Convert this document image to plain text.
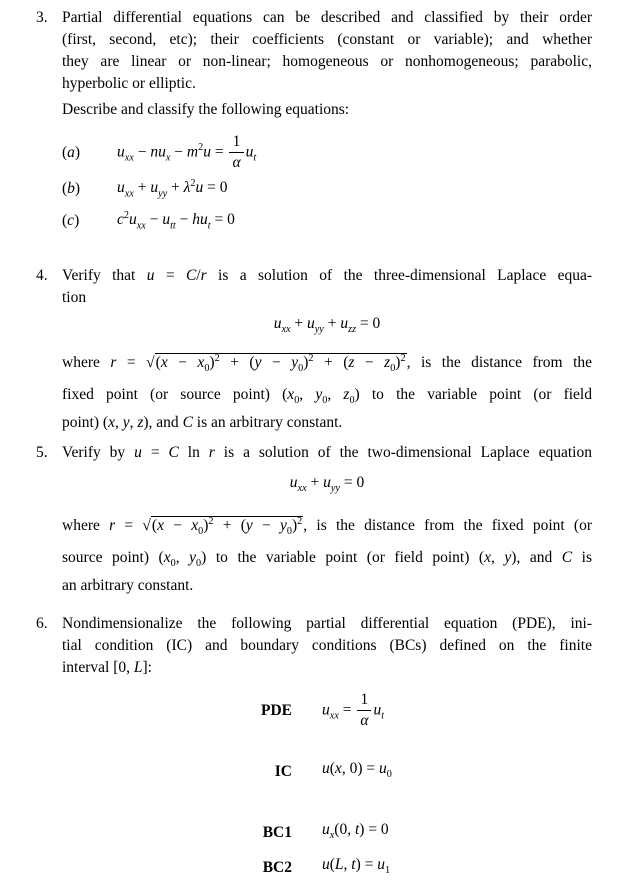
3. Partial differential equations can be described and classified by their order
(first, second, etc); their coefficients (constant or variable); and whether
they are linear or non-linear; homogeneous or nonhomogeneous; parabolic,
hyperbolic or elliptic.
Describe and classify the following equations:
(a)	$u_{xx} - nu_x - m^2u = \frac{1}{\alpha} u_t$
(b)	$u_{xx} + u_{yy} + \lambda^2u = 0$
(c)	$c^2u_{xx} - u_{tt} - hu_t = 0$
4. Verify that u = C/r is a solution of the three-dimensional Laplace equa-
tion
$u_{xx} + u_{yy} + u_{zz} = 0$
where $r = √(x - x_0)^2 + (y - y_0)^2 + (z - z_0)^2$, is the distance from the
fixed point (or source point) ($x_0$, $y_0$, $z_0$) to the variable point (or field
point) (x, y, z), and C is an arbitrary constant.
5. Verify by u = C ln r is a solution of the two-dimensional Laplace equation
$u_{xx} + u_{yy} = 0$
where $r = √(x - x_0)^2 + (y - y_0)^2$, is the distance from the fixed point (or
source point) ($x_0$, $y_0$) to the variable point (or field point) (x, y), and C is
an arbitrary constant.
6. Nondimensionalize the following partial differential equation (PDE), ini-
tial condition (IC) and boundary conditions (BCs) defined on the finite
interval [0, L]:
PDE $u_{xx} = \frac{1}{\alpha} u_t$
IC u(x, $0) = u_0$
BC1 $u_x(0$, t) = 0
BC2 u(L, $t) = u_1$
